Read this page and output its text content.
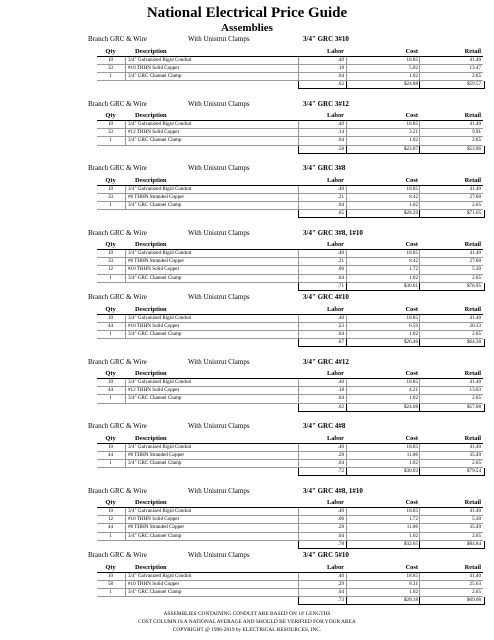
National Electrical Price Guide
Assemblies
Branch GRC & Wire	With Unistrut Clamps	3/4" GRC 3#10
Qty	Description	Labor	Cost	Retail
10	3/4" Galvanized Rigid Conduit	.40	18.85	41.40
33	#10 THHN Solid Copper	.18	5.02	13.47
1	3/4" GRC Channel Clamp	.04	1.02	2.65
.62	$24.88	$59.57
Branch GRC & Wire	With Unistrut Clamps	3/4" GRC 3#12
Qty	Description	Labor	Cost	Retail
10	3/4" Galvanized Rigid Conduit	.40	18.85	41.40
33	#12 THHN Solid Copper	.14	3.21	9.91
1	3/4" GRC Channel Clamp	.04	1.02	2.65
.58	$23.07	$53.96
Branch GRC & Wire	With Unistrut Clamps	3/4" GRC 3#8
Qty	Description	Labor	Cost	Retail
10	3/4" Galvanized Rigid Conduit	.40	18.85	41.40
33	#8 THHN Stranded Copper	.21	8.42	27.60
1	3/4" GRC Channel Clamp	.04	1.02	2.65
.65	$28.29	$71.65
Branch GRC & Wire	With Unistrut Clamps	3/4" GRC 3#8, 1#10
Qty	Description	Labor	Cost	Retail
10	3/4" Galvanized Rigid Conduit	.40	18.85	41.40
33	#8 THHN Stranded Copper	.21	8.42	27.60
12	#10 THHN Solid Copper	.06	1.72	5.30
1	3/4" GRC Channel Clamp	.04	1.02	2.65
.71	$30.01	$76.95
Branch GRC & Wire	With Unistrut Clamps	3/4" GRC 4#10
Qty	Description	Labor	Cost	Retail
10	3/4" Galvanized Rigid Conduit	.40	18.85	41.40
44	#10 THHN Solid Copper	.23	6.59	20.33
1	3/4" GRC Channel Clamp	.04	1.02	2.65
.67	$26.46	$64.38
Branch GRC & Wire	With Unistrut Clamps	3/4" GRC 4#12
Qty	Description	Labor	Cost	Retail
10	3/4" Galvanized Rigid Conduit	.40	18.85	41.40
44	#12 THHN Solid Copper	.18	4.21	13.03
1	3/4" GRC Channel Clamp	.04	1.02	2.65
.62	$24.08	$57.08
Branch GRC & Wire	With Unistrut Clamps	3/4" GRC 4#8
Qty	Description	Labor	Cost	Retail
10	3/4" Galvanized Rigid Conduit	.40	18.85	41.40
44	#8 THHN Stranded Copper	.28	11.06	35.49
1	3/4" GRC Channel Clamp	.04	1.02	2.65
.72	$30.93	$79.54
Branch GRC & Wire	With Unistrut Clamps	3/4" GRC 4#8, 1#10
Qty	Description	Labor	Cost	Retail
10	3/4" Galvanized Rigid Conduit	.40	18.85	41.40
12	#10 THHN Solid Copper	.06	1.72	5.30
44	#8 THHN Stranded Copper	.28	11.06	35.49
1	3/4" GRC Channel Clamp	.04	1.02	2.65
.78	$32.65	$84.84
Branch GRC & Wire	With Unistrut Clamps	3/4" GRC 5#10
Qty	Description	Labor	Cost	Retail
10	3/4" Galvanized Rigid Conduit	.40	18.85	41.40
58	#10 THHN Solid Copper	.29	8.31	25.63
1	3/4" GRC Channel Clamp	.04	1.02	2.65
.73	$28.18	$69.68
ASSEMBLIES CONTAINING CONDUIT ARE BASED ON 10' LENGTHS
COST COLUMN IS A NATIONAL AVERAGE AND SHOULD BE VERIFIED FOR YOUR AREA
COPYRIGHT @ 1996-2019 by ELECTRICAL RESOURCES, INC.
